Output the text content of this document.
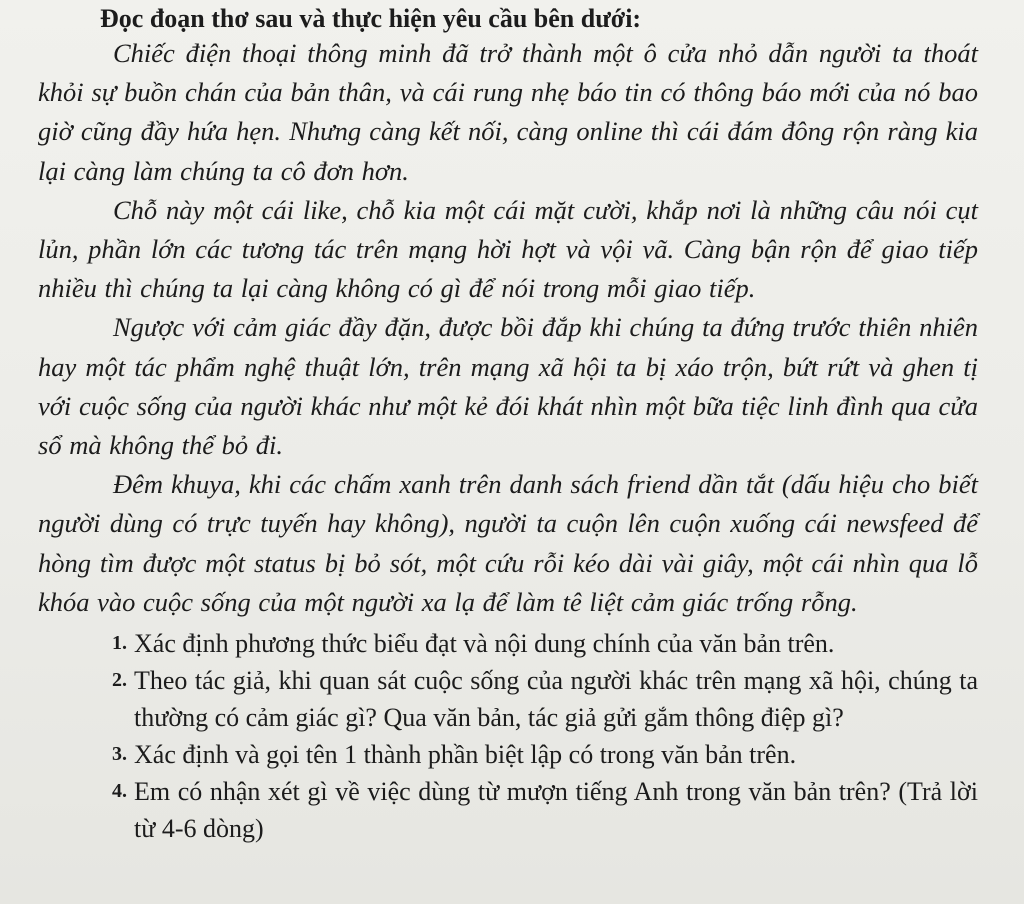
Đọc đoạn thơ sau và thực hiện yêu cầu bên dưới:

Chiếc điện thoại thông minh đã trở thành một ô cửa nhỏ dẫn người ta thoát khỏi sự buồn chán của bản thân, và cái rung nhẹ báo tin có thông báo mới của nó bao giờ cũng đầy hứa hẹn. Nhưng càng kết nối, càng online thì cái đám đông rộn ràng kia lại càng làm chúng ta cô đơn hơn.

Chỗ này một cái like, chỗ kia một cái mặt cười, khắp nơi là những câu nói cụt lủn, phần lớn các tương tác trên mạng hời hợt và vội vã. Càng bận rộn để giao tiếp nhiều thì chúng ta lại càng không có gì để nói trong mỗi giao tiếp.

Ngược với cảm giác đầy đặn, được bồi đắp khi chúng ta đứng trước thiên nhiên hay một tác phẩm nghệ thuật lớn, trên mạng xã hội ta bị xáo trộn, bứt rứt và ghen tị với cuộc sống của người khác như một kẻ đói khát nhìn một bữa tiệc linh đình qua cửa sổ mà không thể bỏ đi.

Đêm khuya, khi các chấm xanh trên danh sách friend dần tắt (dấu hiệu cho biết người dùng có trực tuyến hay không), người ta cuộn lên cuộn xuống cái newsfeed để hòng tìm được một status bị bỏ sót, một cứu rỗi kéo dài vài giây, một cái nhìn qua lỗ khóa vào cuộc sống của một người xa lạ để làm tê liệt cảm giác trống rỗng.

1. Xác định phương thức biểu đạt và nội dung chính của văn bản trên.
2. Theo tác giả, khi quan sát cuộc sống của người khác trên mạng xã hội, chúng ta thường có cảm giác gì? Qua văn bản, tác giả gửi gắm thông điệp gì?
3. Xác định và gọi tên 1 thành phần biệt lập có trong văn bản trên.
4. Em có nhận xét gì về việc dùng từ mượn tiếng Anh trong văn bản trên? (Trả lời từ 4-6 dòng)
